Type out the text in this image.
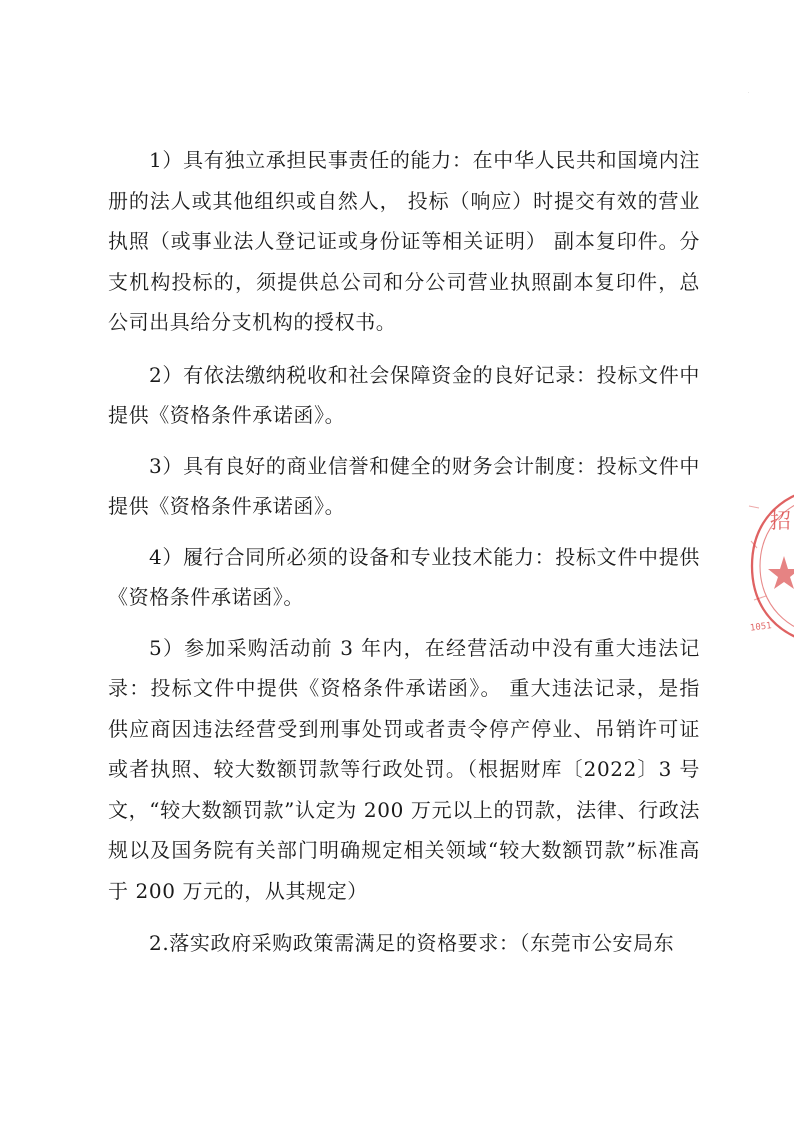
1）具有独立承担民事责任的能力：在中华人民共和国境内注册的法人或其他组织或自然人， 投标（响应）时提交有效的营业执照（或事业法人登记证或身份证等相关证明） 副本复印件。分支机构投标的，须提供总公司和分公司营业执照副本复印件，总公司出具给分支机构的授权书。

2）有依法缴纳税收和社会保障资金的良好记录：投标文件中提供《资格条件承诺函》。

3）具有良好的商业信誉和健全的财务会计制度：投标文件中提供《资格条件承诺函》。

4）履行合同所必须的设备和专业技术能力：投标文件中提供《资格条件承诺函》。

5）参加采购活动前 3 年内，在经营活动中没有重大违法记录：投标文件中提供《资格条件承诺函》。 重大违法记录，是指供应商因违法经营受到刑事处罚或者责令停产停业、吊销许可证或者执照、较大数额罚款等行政处罚。（根据财库〔2022〕3 号文，“较大数额罚款”认定为 200 万元以上的罚款，法律、行政法规以及国务院有关部门明确规定相关领域“较大数额罚款”标准高于 200 万元的，从其规定）

2.落实政府采购政策需满足的资格要求：（东莞市公安局东

招
1051
